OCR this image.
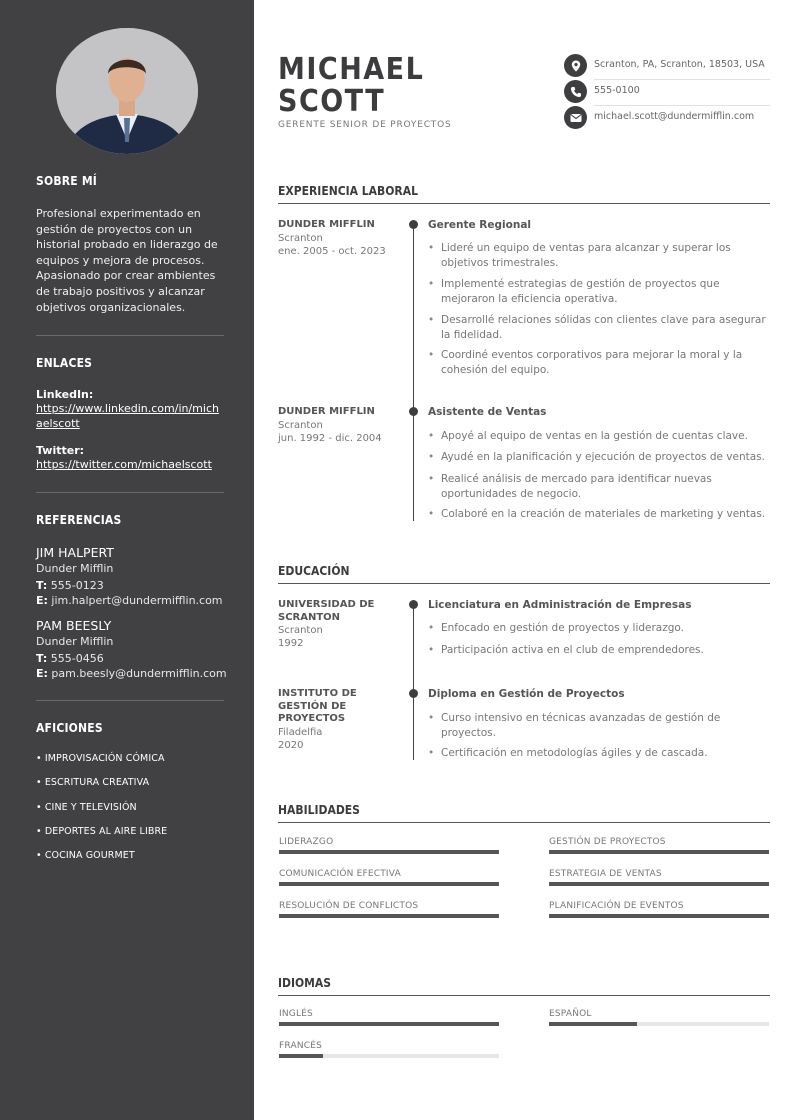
SOBRE MÍ
Profesional experimentado en
gestión de proyectos con un
historial probado en liderazgo de
equipos y mejora de procesos.
Apasionado por crear ambientes
de trabajo positivos y alcanzar
objetivos organizacionales.
ENLACES
LinkedIn:
https://www.linkedin.com/in/mich
aelscott
Twitter:
https://twitter.com/michaelscott
REFERENCIAS
JIM HALPERT
Dunder Mifflin
T: 555-0123
E: jim.halpert@dundermifflin.com
PAM BEESLY
Dunder Mifflin
T: 555-0456
E: pam.beesly@dundermifflin.com
AFICIONES
• IMPROVISACIÓN CÓMICA
• ESCRITURA CREATIVA
• CINE Y TELEVISIÓN
• DEPORTES AL AIRE LIBRE
• COCINA GOURMET
MICHAEL
SCOTT
GERENTE SENIOR DE PROYECTOS
Scranton, PA, Scranton, 18503, USA
555-0100
michael.scott@dundermifflin.com
EXPERIENCIA LABORAL
DUNDER MIFFLIN
Scranton
ene. 2005 - oct. 2023
Gerente Regional
• Lideré un equipo de ventas para alcanzar y superar los
objetivos trimestrales.
• Implementé estrategias de gestión de proyectos que
mejoraron la eficiencia operativa.
• Desarrollé relaciones sólidas con clientes clave para asegurar
la fidelidad.
• Coordiné eventos corporativos para mejorar la moral y la
cohesión del equipo.
DUNDER MIFFLIN
Scranton
jun. 1992 - dic. 2004
Asistente de Ventas
• Apoyé al equipo de ventas en la gestión de cuentas clave.
• Ayudé en la planificación y ejecución de proyectos de ventas.
• Realicé análisis de mercado para identificar nuevas
oportunidades de negocio.
• Colaboré en la creación de materiales de marketing y ventas.
EDUCACIÓN
UNIVERSIDAD DE
SCRANTON
Scranton
1992
Licenciatura en Administración de Empresas
• Enfocado en gestión de proyectos y liderazgo.
• Participación activa en el club de emprendedores.
INSTITUTO DE
GESTIÓN DE
PROYECTOS
Filadelfia
2020
Diploma en Gestión de Proyectos
• Curso intensivo en técnicas avanzadas de gestión de
proyectos.
• Certificación en metodologías ágiles y de cascada.
HABILIDADES
LIDERAZGO	GESTIÓN DE PROYECTOS
COMUNICACIÓN EFECTIVA	ESTRATEGIA DE VENTAS
RESOLUCIÓN DE CONFLICTOS	PLANIFICACIÓN DE EVENTOS
IDIOMAS
INGLÉS	ESPAÑOL
FRANCÉS
